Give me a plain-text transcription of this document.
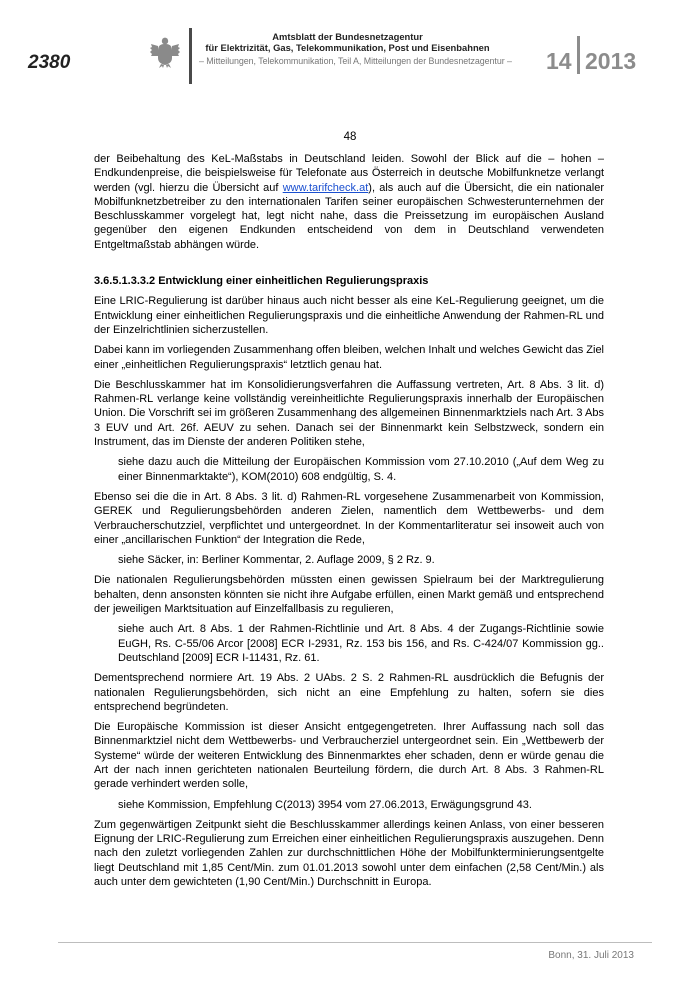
2380
Amtsblatt der Bundesnetzagentur
für Elektrizität, Gas, Telekommunikation, Post und Eisenbahnen
– Mitteilungen, Telekommunikation, Teil A, Mitteilungen der Bundesnetzagentur –	14 2013
48

der Beibehaltung des KeL-Maßstabs in Deutschland leiden. Sowohl der Blick auf die – hohen – Endkundenpreise, die beispielsweise für Telefonate aus Österreich in deutsche Mobilfunknetze verlangt werden (vgl. hierzu die Übersicht auf www.tarifcheck.at), als auch auf die Übersicht, die ein nationaler Mobilfunknetzbetreiber zu den internationalen Tarifen seiner europäischen Schwesterunternehmen der Beschlusskammer vorgelegt hat, legt nicht nahe, dass die Preissetzung im europäischen Ausland gegenüber den eigenen Endkunden entscheidend von dem in Deutschland verwendeten Entgeltmaßstab abhängen würde.

3.6.5.1.3.3.2 Entwicklung einer einheitlichen Regulierungspraxis

Eine LRIC-Regulierung ist darüber hinaus auch nicht besser als eine KeL-Regulierung geeignet, um die Entwicklung einer einheitlichen Regulierungspraxis und die einheitliche Anwendung der Rahmen-RL und der Einzelrichtlinien sicherzustellen.

Dabei kann im vorliegenden Zusammenhang offen bleiben, welchen Inhalt und welches Gewicht das Ziel einer „einheitlichen Regulierungspraxis“ letztlich genau hat.

Die Beschlusskammer hat im Konsolidierungsverfahren die Auffassung vertreten, Art. 8 Abs. 3 lit. d) Rahmen-RL verlange keine vollständig vereinheitlichte Regulierungspraxis innerhalb der Europäischen Union. Die Vorschrift sei im größeren Zusammenhang des allgemeinen Binnenmarktziels nach Art. 3 Abs 3 EUV und Art. 26f. AEUV zu sehen. Danach sei der Binnenmarkt kein Selbstzweck, sondern ein Instrument, das im Dienste der anderen Politiken stehe,

siehe dazu auch die Mitteilung der Europäischen Kommission vom 27.10.2010 („Auf dem Weg zu einer Binnenmarktakte“), KOM(2010) 608 endgültig, S. 4.

Ebenso sei die die in Art. 8 Abs. 3 lit. d) Rahmen-RL vorgesehene Zusammenarbeit von Kommission, GEREK und Regulierungsbehörden anderen Zielen, namentlich dem Wettbewerbs- und dem Verbraucherschutzziel, verpflichtet und untergeordnet. In der Kommentarliteratur sei insoweit auch von einer „ancillarischen Funktion“ der Integration die Rede,

siehe Säcker, in: Berliner Kommentar, 2. Auflage 2009, § 2 Rz. 9.

Die nationalen Regulierungsbehörden müssten einen gewissen Spielraum bei der Marktregulierung behalten, denn ansonsten könnten sie nicht ihre Aufgabe erfüllen, einen Markt gemäß und entsprechend der jeweiligen Marktsituation auf Einzelfallbasis zu regulieren,

siehe auch Art. 8 Abs. 1 der Rahmen-Richtlinie und Art. 8 Abs. 4 der Zugangs-Richtlinie sowie EuGH, Rs. C-55/06 Arcor [2008] ECR I-2931, Rz. 153 bis 156, and Rs. C-424/07 Kommission gg.. Deutschland [2009] ECR I-11431, Rz. 61.

Dementsprechend normiere Art. 19 Abs. 2 UAbs. 2 S. 2 Rahmen-RL ausdrücklich die Befugnis der nationalen Regulierungsbehörden, sich nicht an eine Empfehlung zu halten, sofern sie dies entsprechend begründeten.

Die Europäische Kommission ist dieser Ansicht entgegengetreten. Ihrer Auffassung nach soll das Binnenmarktziel nicht dem Wettbewerbs- und Verbraucherziel untergeordnet sein. Ein „Wettbewerb der Systeme“ würde der weiteren Entwicklung des Binnenmarktes eher schaden, denn er würde genau die Art der nach innen gerichteten nationalen Beurteilung fördern, die durch Art. 8 Abs. 3 Rahmen-RL gerade verhindert werden solle,

siehe Kommission, Empfehlung C(2013) 3954 vom 27.06.2013, Erwägungsgrund 43.

Zum gegenwärtigen Zeitpunkt sieht die Beschlusskammer allerdings keinen Anlass, von einer besseren Eignung der LRIC-Regulierung zum Erreichen einer einheitlichen Regulierungspraxis auszugehen. Denn nach den zuletzt vorliegenden Zahlen zur durchschnittlichen Höhe der Mobilfunkterminierungsentgelte liegt Deutschland mit 1,85 Cent/Min. zum 01.01.2013 sowohl unter dem einfachen (2,58 Cent/Min.) als auch unter dem gewichteten (1,90 Cent/Min.) Durchschnitt in Europa.

Bonn, 31. Juli 2013
